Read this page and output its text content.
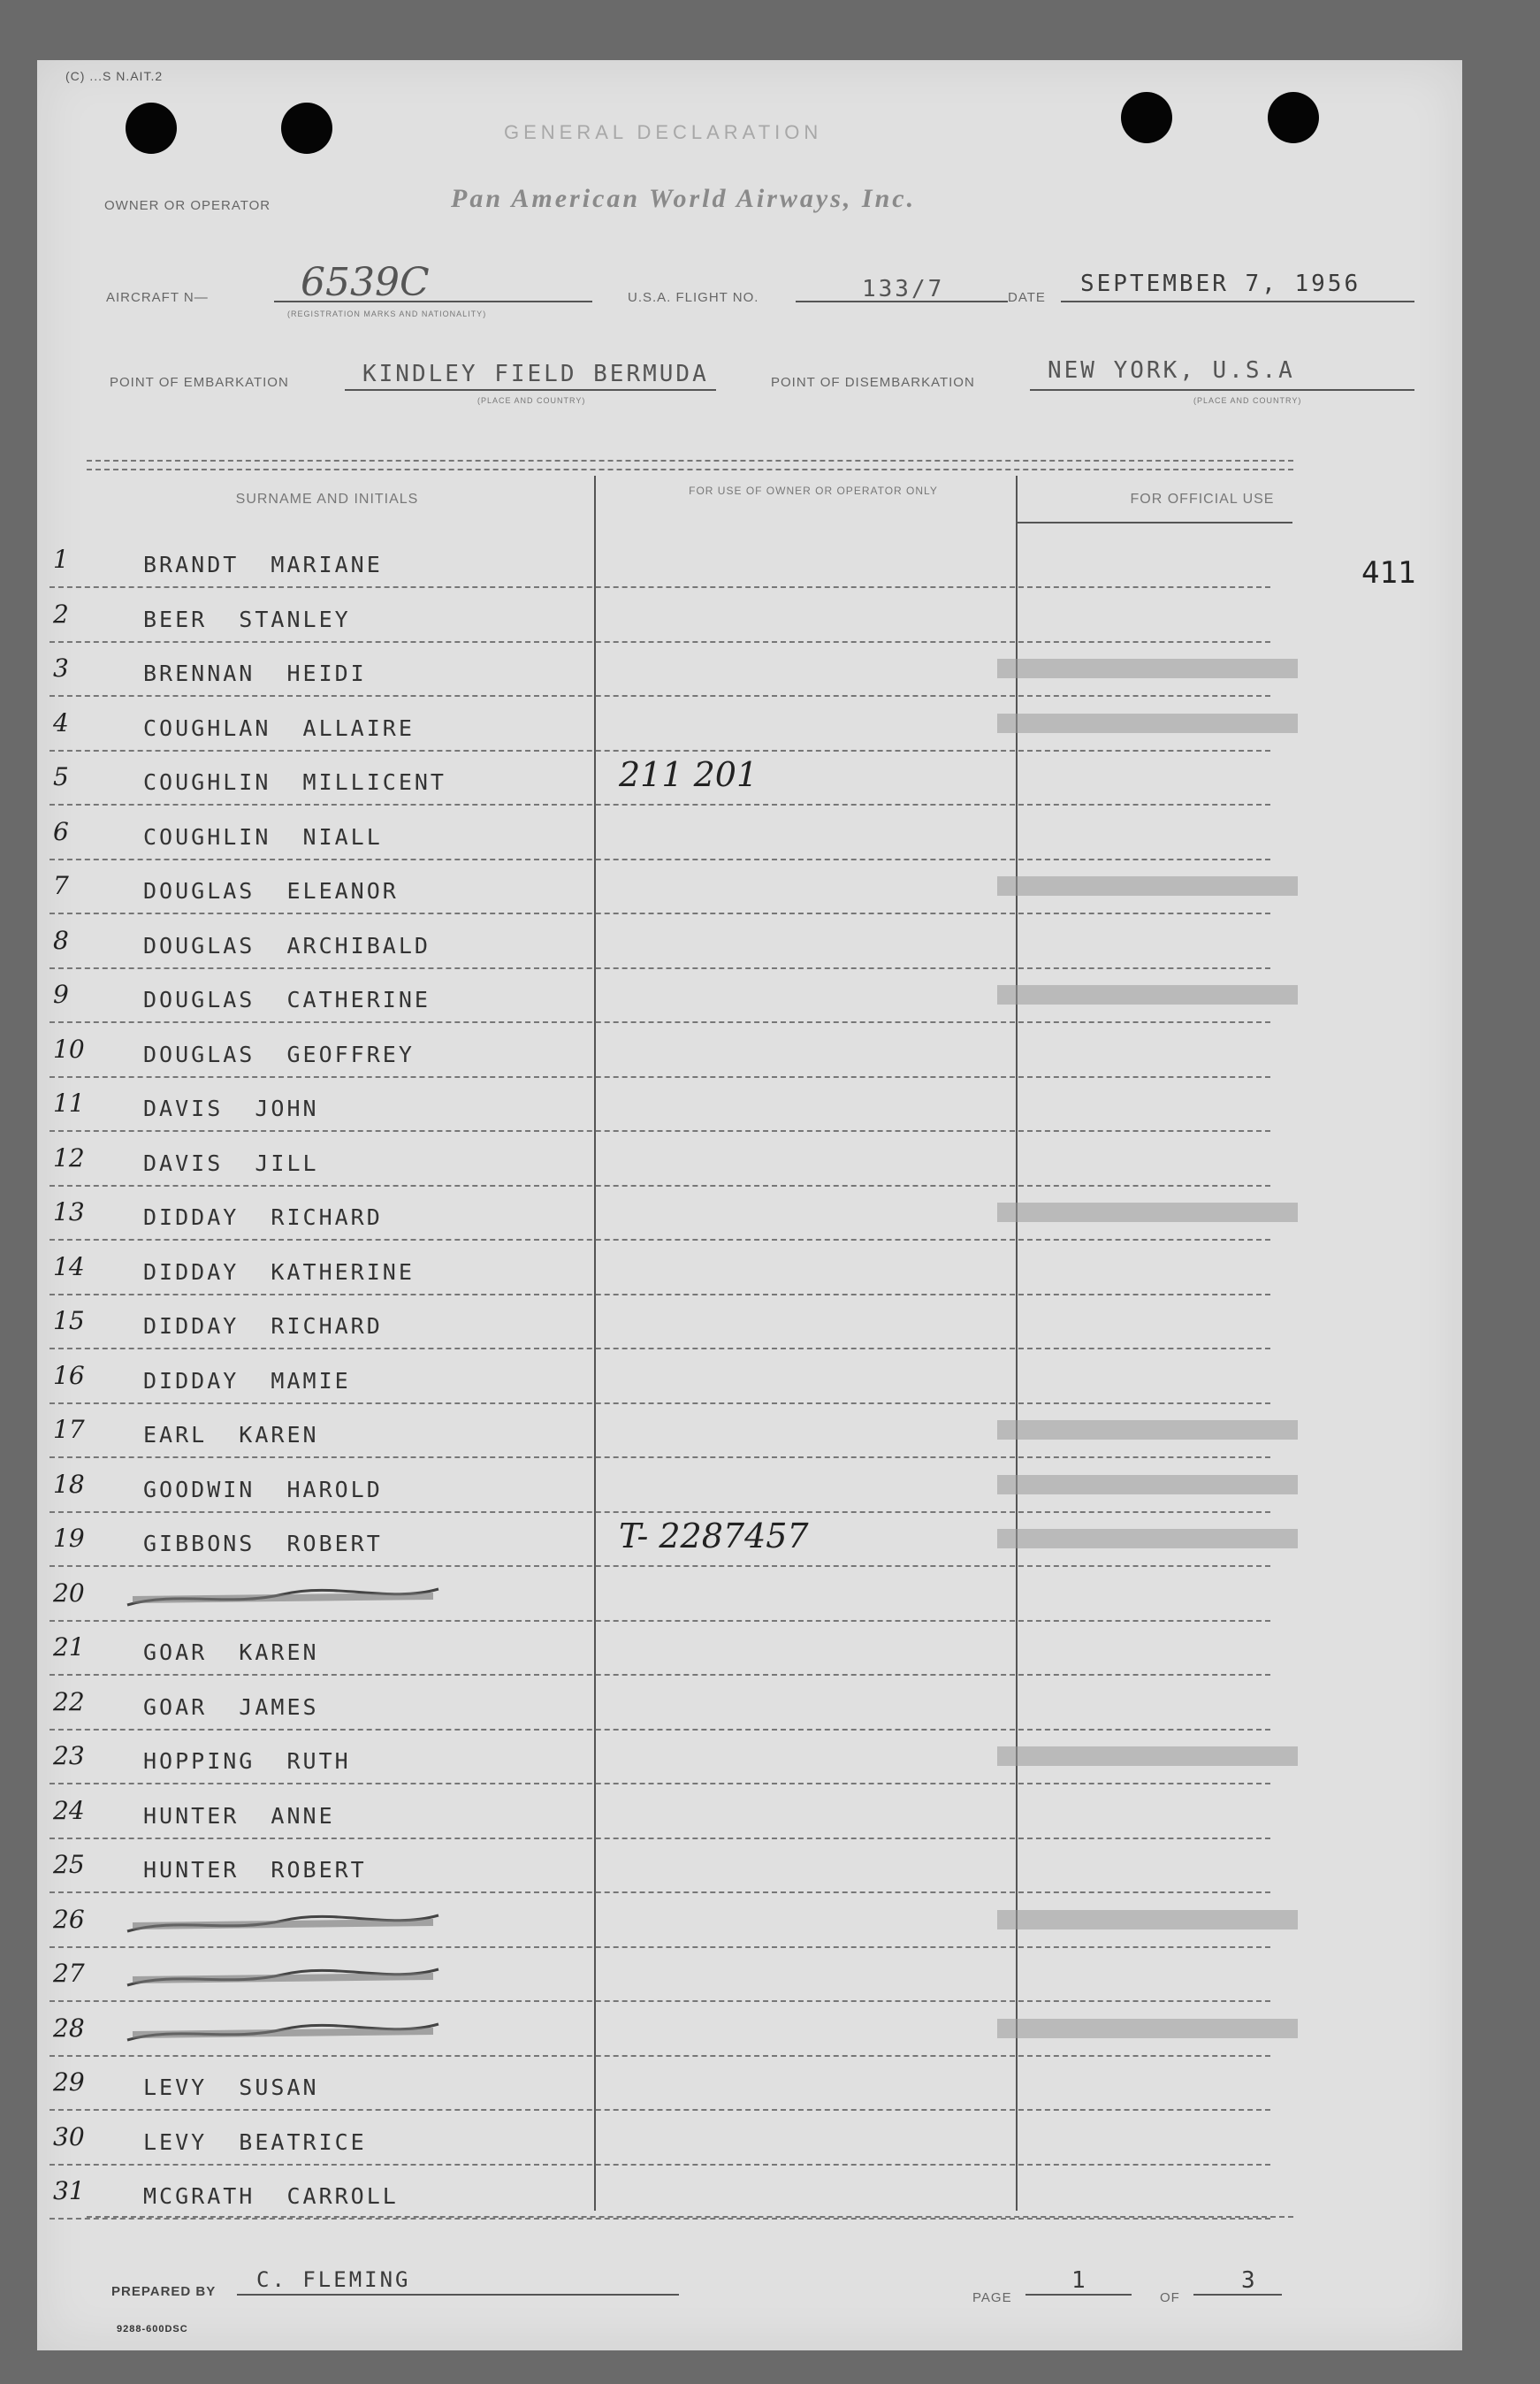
(C) ...S N.AIT.2
GENERAL DECLARATION
OWNER OR OPERATOR	Pan American World Airways, Inc.
AIRCRAFT N— 6539C
(REGISTRATION MARKS AND NATIONALITY)
U.S.A. FLIGHT NO.	133/7	DATE
SEPTEMBER 7, 1956
POINT OF EMBARKATION	KINDLEY FIELD BERMUDA
(PLACE AND COUNTRY)
POINT OF DISEMBARKATION	NEW YORK, U.S.A
(PLACE AND COUNTRY)
SURNAME AND INITIALS
FOR USE OF OWNER OR OPERATOR ONLY
FOR OFFICIAL USE
411
1	BRANDT  MARIANE
2	BEER  STANLEY
3	BRENNAN  HEIDI
4	COUGHLAN  ALLAIRE
5	COUGHLIN  MILLICENT	211 201
6	COUGHLIN  NIALL
7	DOUGLAS  ELEANOR
8	DOUGLAS  ARCHIBALD
9	DOUGLAS  CATHERINE
10	DOUGLAS  GEOFFREY
11	DAVIS  JOHN
12	DAVIS  JILL
13	DIDDAY  RICHARD
14	DIDDAY  KATHERINE
15	DIDDAY  RICHARD
16	DIDDAY  MAMIE
17	EARL  KAREN
18	GOODWIN  HAROLD
19	GIBBONS  ROBERT	T- 2287457
20
21	GOAR  KAREN
22	GOAR  JAMES
23	HOPPING  RUTH
24	HUNTER  ANNE
25	HUNTER  ROBERT
26
27
28
29	LEVY  SUSAN
30	LEVY  BEATRICE
31	MCGRATH  CARROLL
PREPARED BY C. FLEMING
PAGE
1
OF
3
9288-600DSC
